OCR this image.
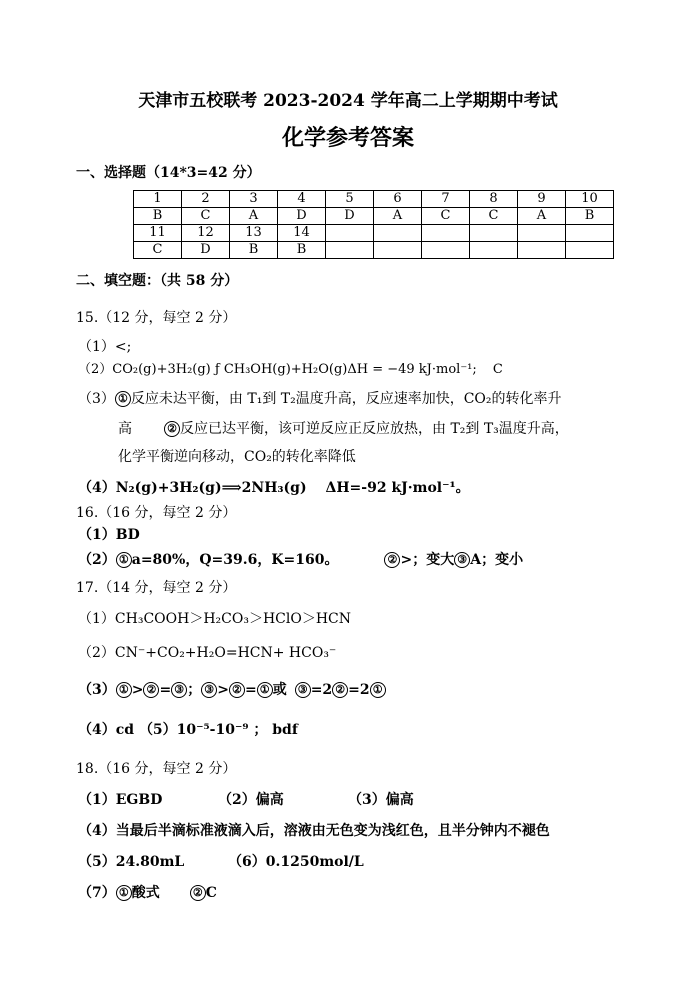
天津市五校联考 2023-2024 学年高二上学期期中考试
化学参考答案
一、选择题（14*3=42 分）
1	2	3	4	5	6	7	8	9	10
B	C	A	D	D	A	C	C	A	B
11	12	13	14						
C	D	B	B						
二、填空题：（共 58 分）
15.（12 分，每空 2 分）
（1）<;
（2）CO₂(g)+3H₂(g) ƒ CH₃OH(g)+H₂O(g)ΔH = −49 kJ·mol⁻¹; C
（3） ① 反应未达平衡，由 T₁到 T₂温度升高，反应速率加快，CO₂的转化率升
高	② 反应已达平衡，该可逆反应正反应放热，由 T₂到 T₃温度升高，
化学平衡逆向移动，CO₂的转化率降低
（4）N₂(g)+3H₂(g)⟹2NH₃(g) ΔH=-92 kJ·mol⁻¹。
16.（16 分，每空 2 分）
（1）BD
（2） ① a=80%，Q=39.6，K=160。	② >；变大 ③ A；变小
17.（14 分，每空 2 分）
（1）CH₃COOH＞H₂CO₃＞HClO＞HCN
（2）CN⁻+CO₂+H₂O=HCN+ HCO₃⁻
（3） ① > ② = ③ ； ③ > ② = ① 或 ③ =2 ② =2 ①
（4）cd （5）10⁻⁵-10⁻⁹ ； bdf
18.（16 分，每空 2 分）
（1）EGBD	（2）偏高	（3）偏高
（4）当最后半滴标准液滴入后，溶液由无色变为浅红色，且半分钟内不褪色
（5）24.80mL	（6）0.1250mol/L
（7） ① 酸式	② C
